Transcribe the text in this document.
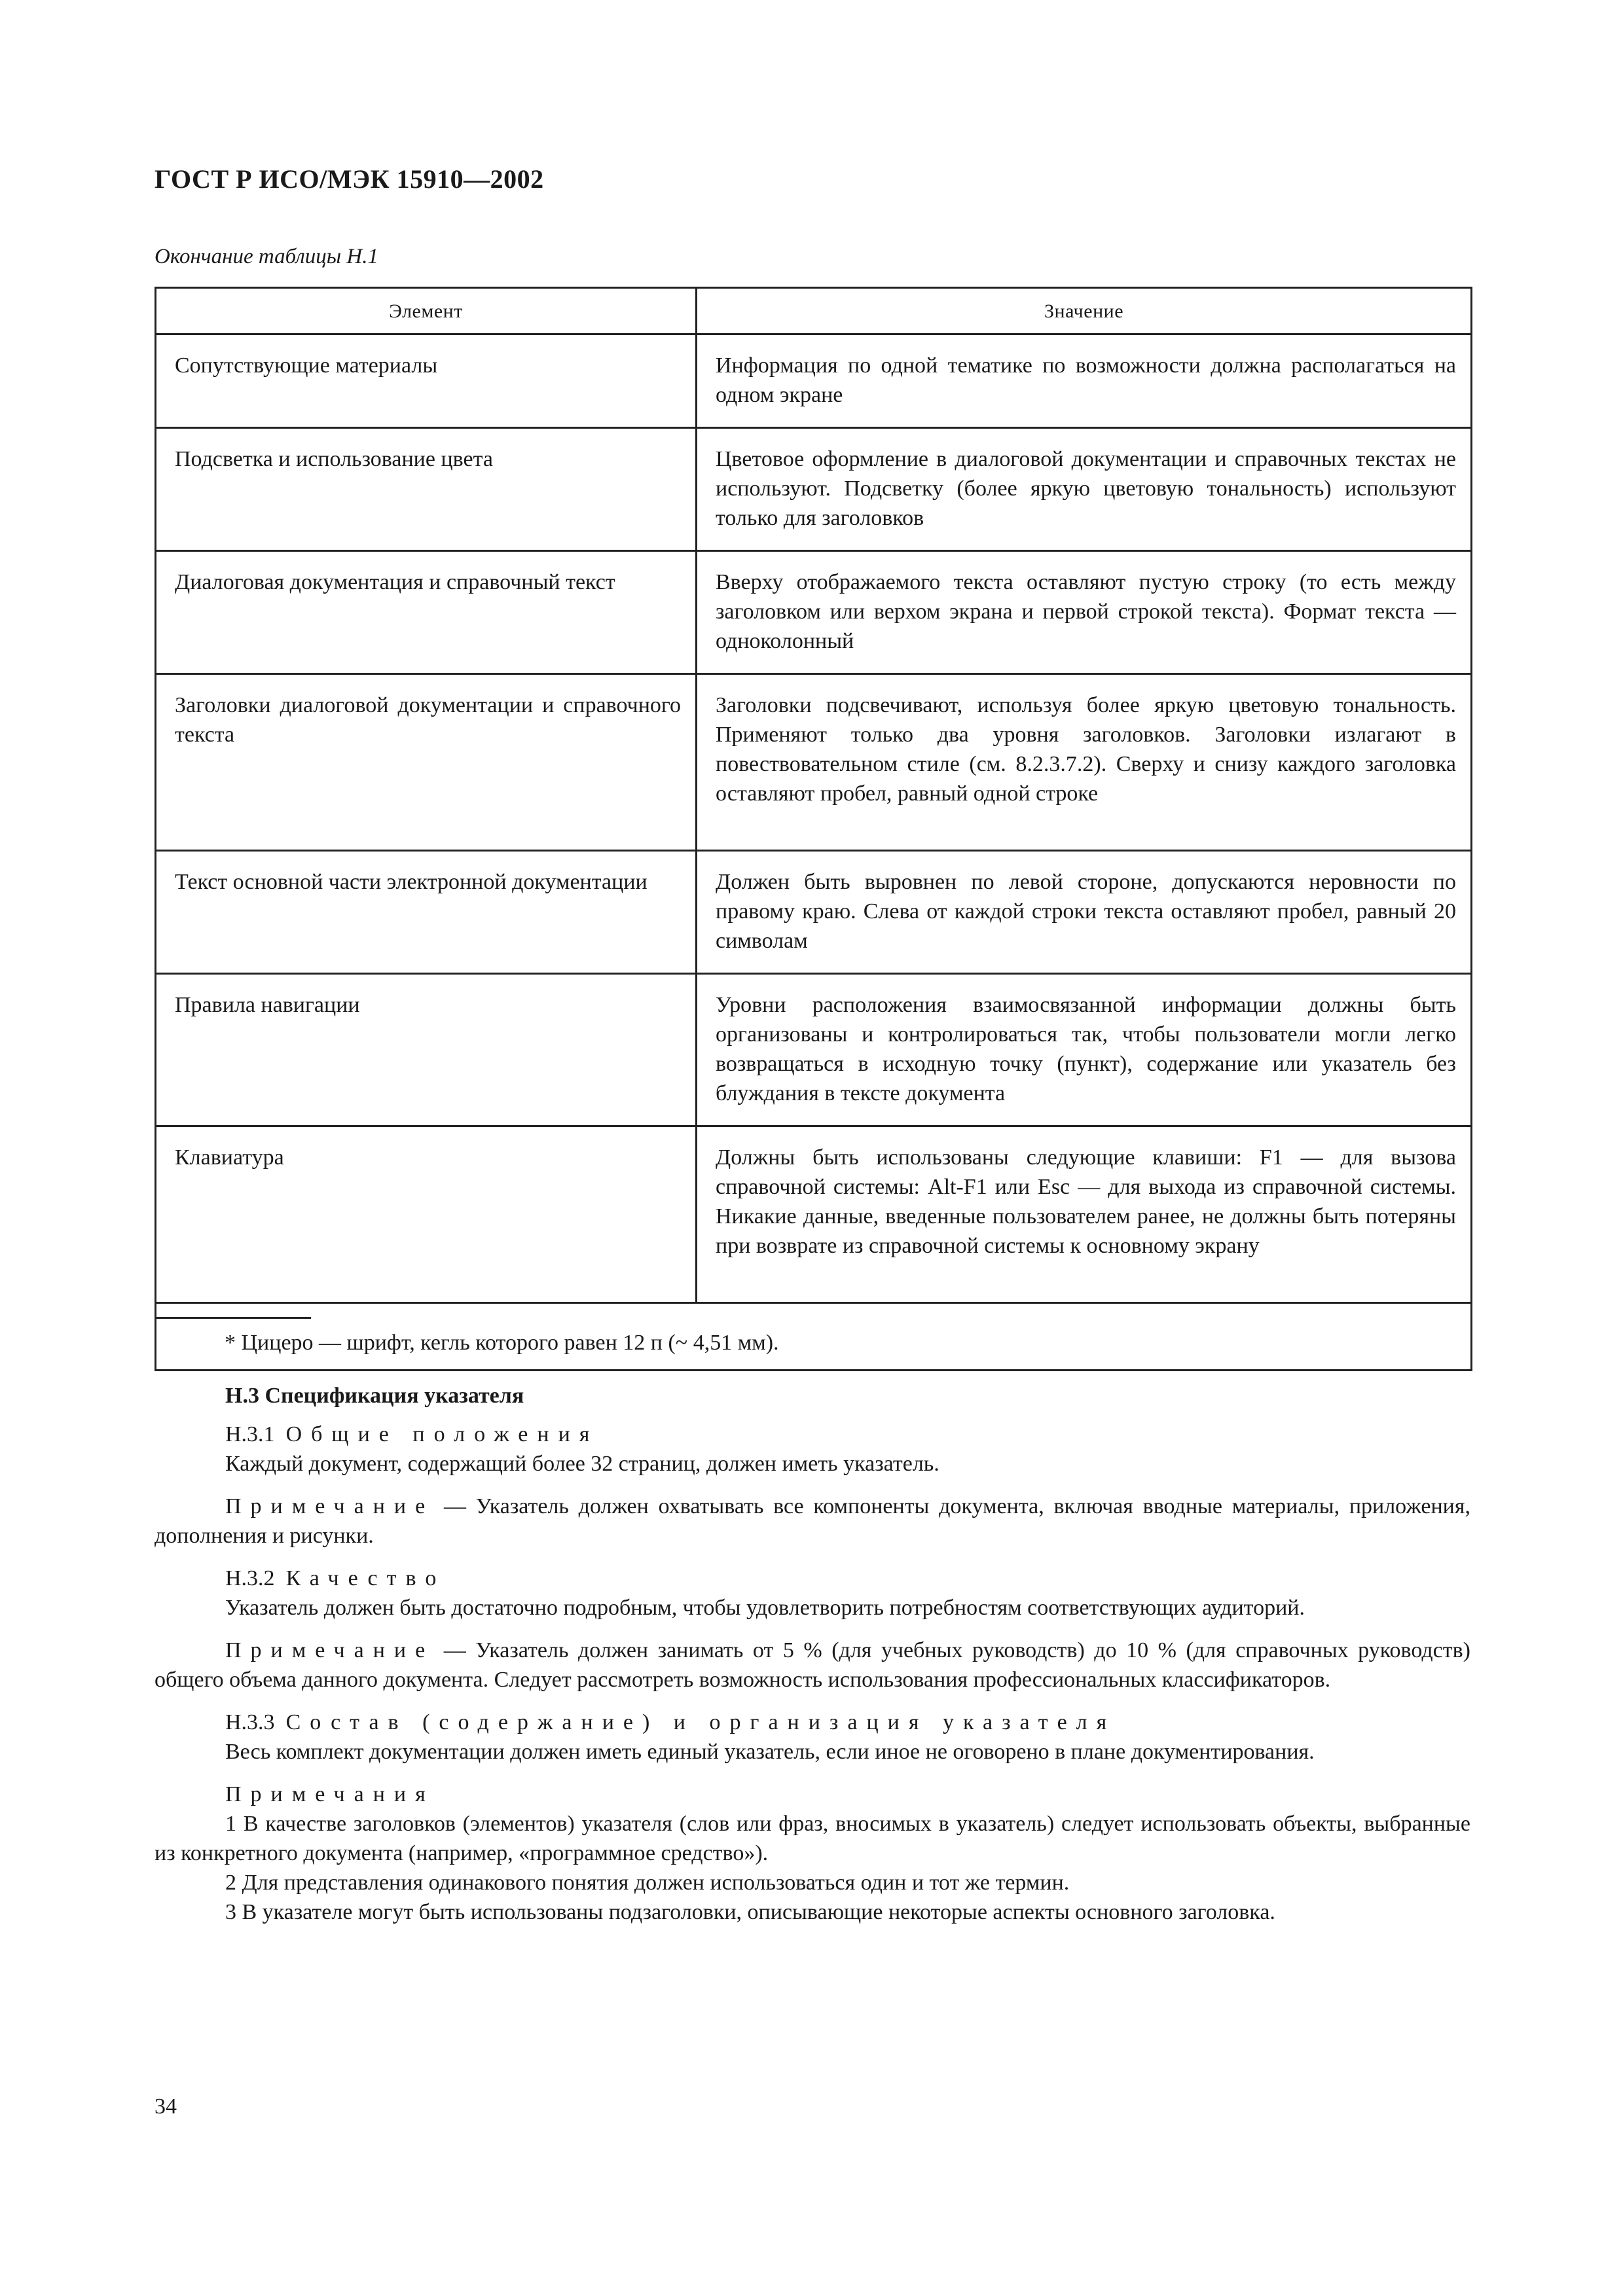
ГОСТ Р ИСО/МЭК 15910—2002
Окончание таблицы Н.1
Элемент	Значение
Сопутствующие материалы	Информация по одной тематике по возможности должна располагаться на одном экране
Подсветка и использование цвета	Цветовое оформление в диалоговой документации и справочных текстах не используют. Подсветку (более яркую цветовую тональность) используют только для заголовков
Диалоговая документация и справочный текст	Вверху отображаемого текста оставляют пустую строку (то есть между заголовком или верхом экрана и первой строкой текста). Формат текста — одноколонный
Заголовки диалоговой документации и справочного текста	Заголовки подсвечивают, используя более яркую цветовую тональность. Применяют только два уровня заголовков. Заголовки излагают в повествовательном стиле (см. 8.2.3.7.2). Сверху и снизу каждого заголовка оставляют пробел, равный одной строке
Текст основной части электронной документации	Должен быть выровнен по левой стороне, допускаются неровности по правому краю. Слева от каждой строки текста оставляют пробел, равный 20 символам
Правила навигации	Уровни расположения взаимосвязанной информации должны быть организованы и контролироваться так, чтобы пользователи могли легко возвращаться в исходную точку (пункт), содержание или указатель без блуждания в тексте документа
Клавиатура	Должны быть использованы следующие клавиши: F1 — для вызова справочной системы: Alt-F1 или Esc — для выхода из справочной системы. Никакие данные, введенные пользователем ранее, не должны быть потеряны при возврате из справочной системы к основному экрану

* Цицеро — шрифт, кегль которого равен 12 п (~ 4,51 мм).	
Н.3 Спецификация указателя
Н.3.1 Общие положения

Каждый документ, содержащий более 32 страниц, должен иметь указатель.

Примечание — Указатель должен охватывать все компоненты документа, включая вводные материалы, приложения, дополнения и рисунки.

Н.3.2 Качество

Указатель должен быть достаточно подробным, чтобы удовлетворить потребностям соответствующих аудиторий.

Примечание — Указатель должен занимать от 5 % (для учебных руководств) до 10 % (для справочных руководств) общего объема данного документа. Следует рассмотреть возможность использования профессиональных классификаторов.

Н.3.3 Состав (содержание) и организация указателя

Весь комплект документации должен иметь единый указатель, если иное не оговорено в плане документирования.

Примечания

1 В качестве заголовков (элементов) указателя (слов или фраз, вносимых в указатель) следует использовать объекты, выбранные из конкретного документа (например, «программное средство»).

2 Для представления одинакового понятия должен использоваться один и тот же термин.

3 В указателе могут быть использованы подзаголовки, описывающие некоторые аспекты основного заголовка.

34
